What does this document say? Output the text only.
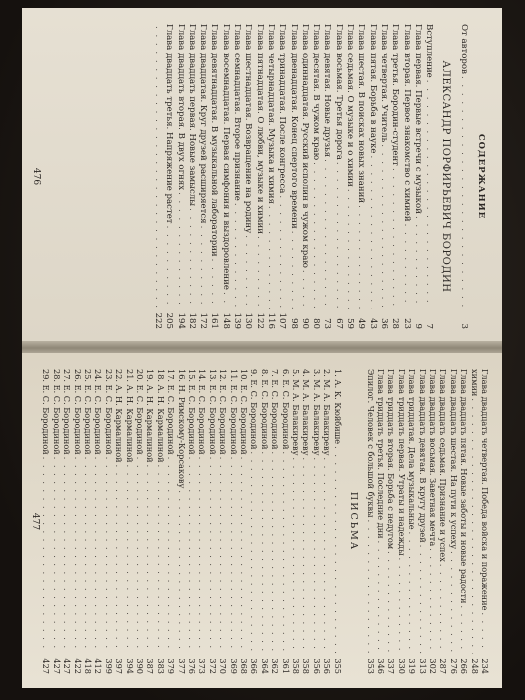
СОДЕРЖАНИЕ
От авторов
. . .
3
АЛЕКСАНДР ПОРФИРЬЕВИЧ БОРОДИН
Вступление
. . .
7
Глава первая. Первые встречи с музыкой
. . .
9
Глава вторая. Первое знакомство с химией
. . .
23
Глава третья. Бородин-студент
. . .
28
Глава четвертая. Учитель
. . .
36
Глава пятая. Борьба в науке
. . .
43
Глава шестая. В поисках новых знаний
. . .
49
Глава седьмая. О музыке и о химии
. . .
59
Глава восьмая. Третья дорога
. . .
67
Глава девятая. Новые друзья
. . .
73
Глава десятая. В чужом краю
. . .
80
Глава одиннадцатая. Русский исполин в чужом краю
. . .
90
Глава двенадцатая. Конец спертого времени
. . .
98
Глава тринадцатая. После конгресса
. . .
107
Глава четырнадцатая. Музыка и химия
. . .
116
Глава пятнадцатая. О любви, музыке и химии
. . .
122
Глава шестнадцатая. Возвращение на родину
. . .
130
Глава семнадцатая. Второе признание
. . .
139
Глава восемнадцатая. Первая симфония и выздоровление
. . .
148
Глава девятнадцатая. В музыкальной лаборатории
. . .
161
Глава двадцатая. Круг друзей расширяется
. . .
172
Глава двадцать первая. Новые замыслы
. . .
182
Глава двадцать вторая. В двух огнях
. . .
194
Глава двадцать третья. Напряжение растет
. . .
205
. . .
222
476
Глава двадцать четвертая. Победа войска и поражение
. . .
234
химии
. . .
248
Глава двадцать пятая. Новые заботы и новые радости
. . .
266
Глава двадцать шестая. На пути к успеху
. . .
276
Глава двадцать седьмая. Признание и успех
. . .
287
Глава двадцать восьмая. Заветная мечта
. . .
302
Глава двадцать девятая. В кругу друзей
. . .
313
Глава тридцатая. Дела музыкальные
. . .
319
Глава тридцать первая. Утраты и надежды
. . .
330
Глава тридцать вторая. Борьба с недугом
. . .
337
Глава тридцать третья. Последние дни
. . .
346
Эпилог. Человек с большой буквы
. . .
353
ПИСЬМА
1. А. К. Кюйбише
. . .
355
2. М. А. Балакиреву
. . .
356
3. М. А. Балакиреву
. . .
356
4. М. А. Балакиреву
. . .
358
5. М. А. Балакиреву
. . .
358
6. Е. С. Бородиной
. . .
361
7. Е. С. Бородиной
. . .
362
8. Е. С. Бородиной
. . .
364
9. Е. С. Бородиной
. . .
366
10. Е. С. Бородиной
. . .
368
11. Е. С. Бородиной
. . .
369
12. Е. С. Бородиной
. . .
370
13. Е. С. Бородиной
. . .
372
14. Е. С. Бородиной
. . .
373
15. Е. С. Бородиной
. . .
376
16. Н. Римскому-Корсакову
. . .
377
17. Е. С. Бородиной
. . .
379
18. А. Н. Кармалиной
. . .
383
19. А. Н. Кармалиной
. . .
387
20. Е. С. Бородиной
. . .
390
21. А. Н. Кармалиной
. . .
394
22. А. Н. Кармалиной
. . .
397
23. Е. С. Бородиной
. . .
399
24. Е. С. Бородиной
. . .
412
25. Е. С. Бородиной
. . .
418
26. Е. С. Бородиной
. . .
422
27. Е. С. Бородиной
. . .
427
28. Е. С. Бородиной
. . .
427
29. Е. С. Бородиной
. . .
427
477
